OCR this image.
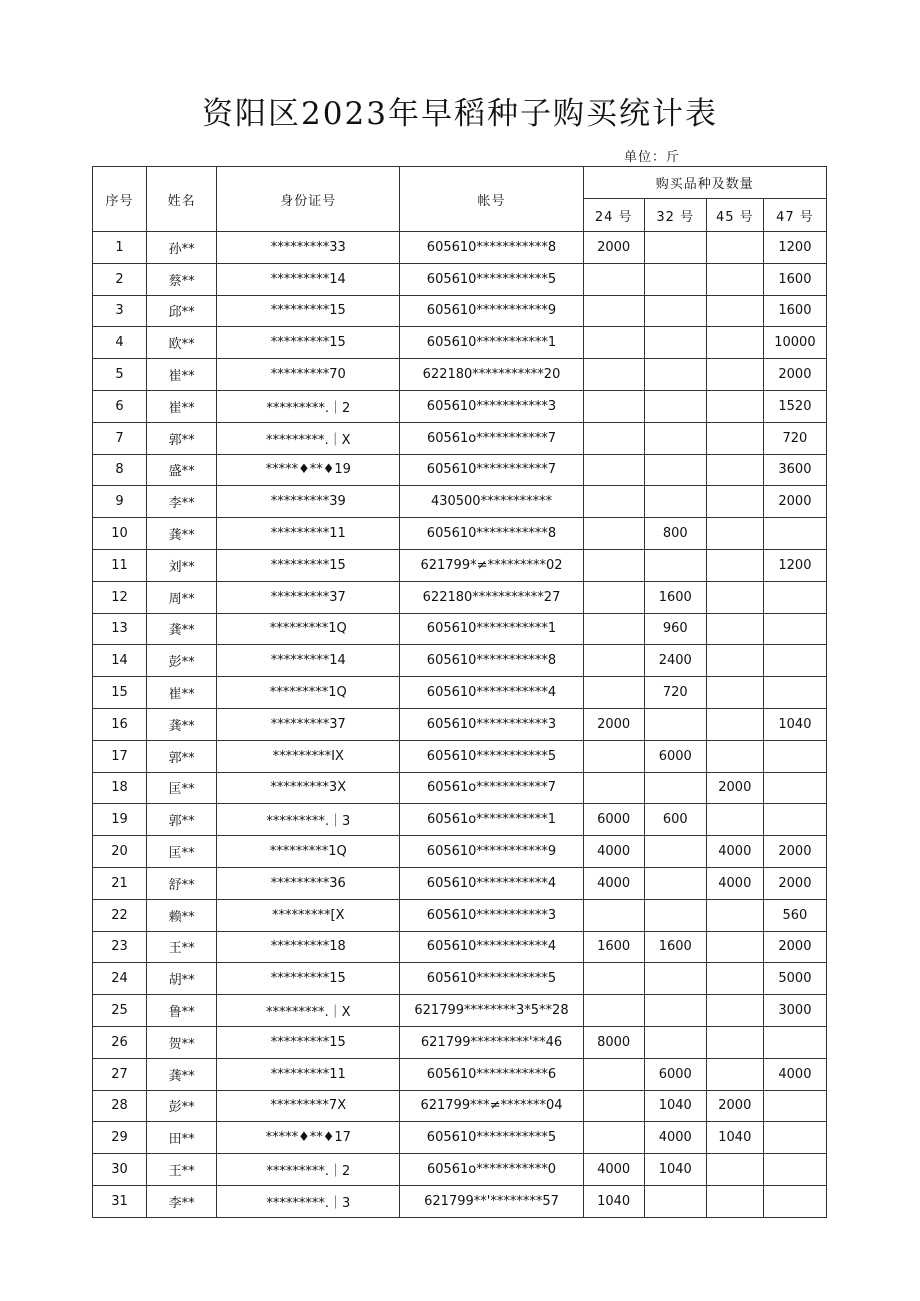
资阳区2023年早稻种子购买统计表
单位：斤
序号	姓名	身份证号	帐号	购买品种及数量			
				24 号	32 号	45 号	47 号
1	孙**	*********33	605610***********8	2000			1200
2	蔡**	*********14	605610***********5				1600
3	邱**	*********15	605610***********9				1600
4	欧**	*********15	605610***********1				10000
5	崔**	*********70	622180***********20				2000
6	崔**	*********.｜2	605610***********3				1520
7	郭**	*********.｜X	60561o***********7				720
8	盛**	*****♦**♦19	605610***********7				3600
9	李**	*********39	430500***********				2000
10	龚**	*********11	605610***********8		800		
11	刘**	*********15	621799*≠*********02				1200
12	周**	*********37	622180***********27		1600		
13	龚**	*********1Q	605610***********1		960		
14	彭**	*********14	605610***********8		2400		
15	崔**	*********1Q	605610***********4		720		
16	龚**	*********37	605610***********3	2000			1040
17	郭**	*********IX	605610***********5		6000		
18	匡**	*********3X	60561o***********7			2000	
19	郭**	*********.｜3	60561o***********1	6000	600		
20	匡**	*********1Q	605610***********9	4000		4000	2000
21	舒**	*********36	605610***********4	4000		4000	2000
22	赖**	*********[X	605610***********3				560
23	王**	*********18	605610***********4	1600	1600		2000
24	胡**	*********15	605610***********5				5000
25	鲁**	*********.｜X	621799********3*5**28				3000
26	贺**	*********15	621799*********'**46	8000			
27	龚**	*********11	605610***********6		6000		4000
28	彭**	*********7X	621799***≠*******04		1040	2000	
29	田**	*****♦**♦17	605610***********5		4000	1040	
30	王**	*********.｜2	60561o***********0	4000	1040		
31	李**	*********.｜3	621799**'********57	1040			
